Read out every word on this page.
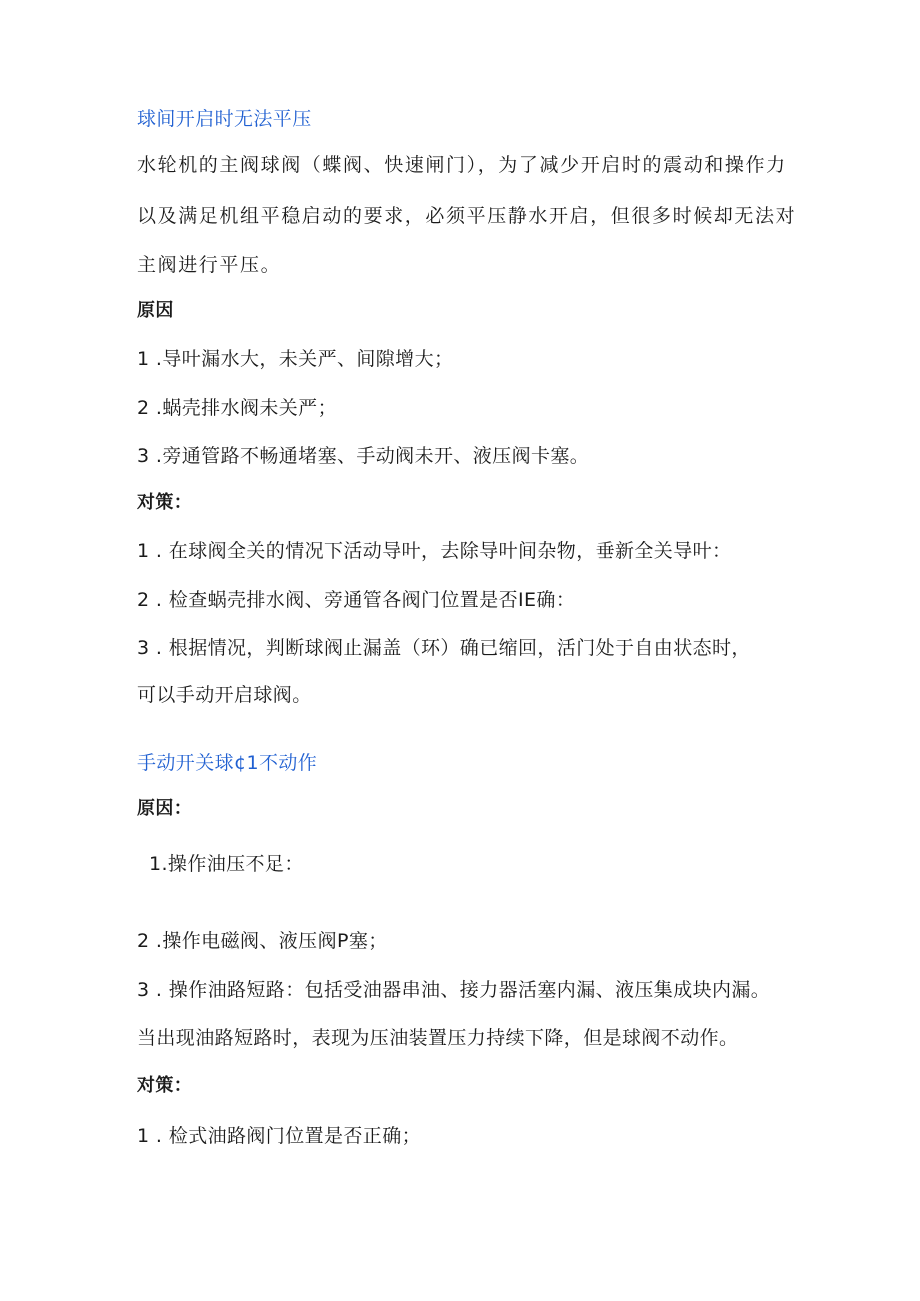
球间开启时无法平压
水轮机的主阀球阀（蝶阀、快速闸门），为了减少开启时的震动和操作力
以及满足机组平稳启动的要求，必须平压静水开启，但很多时候却无法对
主阀进行平压。
原因
1 .导叶漏水大，未关严、间隙增大；
2 .蜗壳排水阀未关严；
3 .旁通管路不畅通堵塞、手动阀未开、液压阀卡塞。
对策：
1 . 在球阀全关的情况下活动导叶，去除导叶间杂物，垂新全关导叶：
2 . 检查蜗壳排水阀、旁通管各阀门位置是否IE确：
3 . 根据情况，判断球阀止漏盖（环）确已缩回，活门处于自由状态时，
可以手动开启球阀。
手动开关球¢1不动作
原因：
1.操作油压不足：
2 .操作电磁阀、液压阀P塞；
3 . 操作油路短路：包括受油器串油、接力器活塞内漏、液压集成块内漏。
当出现油路短路时，表现为压油装置压力持续下降，但是球阀不动作。
对策：
1 . 检式油路阀门位置是否正确；
